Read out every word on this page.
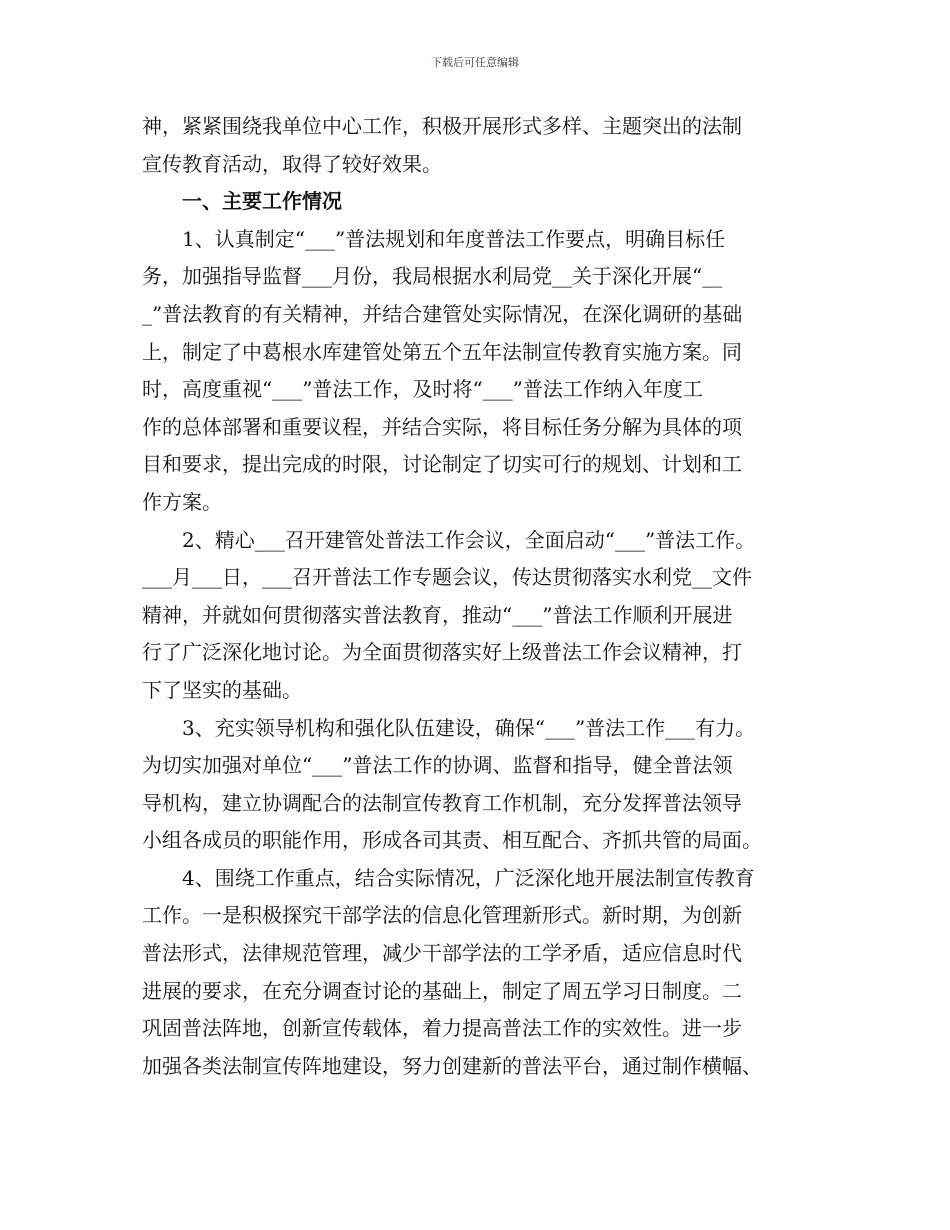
下载后可任意编辑
神，紧紧围绕我单位中心工作，积极开展形式多样、主题突出的法制
宣传教育活动，取得了较好效果。
　　一、主要工作情况
　　1、认真制定“___”普法规划和年度普法工作要点，明确目标任
务，加强指导监督___月份，我局根据水利局党__关于深化开展“__
_”普法教育的有关精神，并结合建管处实际情况，在深化调研的基础
上，制定了中葛根水库建管处第五个五年法制宣传教育实施方案。同
时，高度重视“___”普法工作，及时将“___”普法工作纳入年度工
作的总体部署和重要议程，并结合实际，将目标任务分解为具体的项
目和要求，提出完成的时限，讨论制定了切实可行的规划、计划和工
作方案。
　　2、精心___召开建管处普法工作会议，全面启动“___”普法工作。
___月___日，___召开普法工作专题会议，传达贯彻落实水利党__文件
精神，并就如何贯彻落实普法教育，推动“___”普法工作顺利开展进
行了广泛深化地讨论。为全面贯彻落实好上级普法工作会议精神，打
下了坚实的基础。
　　3、充实领导机构和强化队伍建设，确保“___”普法工作___有力。
为切实加强对单位“___”普法工作的协调、监督和指导，健全普法领
导机构，建立协调配合的法制宣传教育工作机制，充分发挥普法领导
小组各成员的职能作用，形成各司其责、相互配合、齐抓共管的局面。
　　4、围绕工作重点，结合实际情况，广泛深化地开展法制宣传教育
工作。一是积极探究干部学法的信息化管理新形式。新时期，为创新
普法形式，法律规范管理，减少干部学法的工学矛盾，适应信息时代
进展的要求，在充分调查讨论的基础上，制定了周五学习日制度。二
巩固普法阵地，创新宣传载体，着力提高普法工作的实效性。进一步
加强各类法制宣传阵地建设，努力创建新的普法平台，通过制作横幅、
